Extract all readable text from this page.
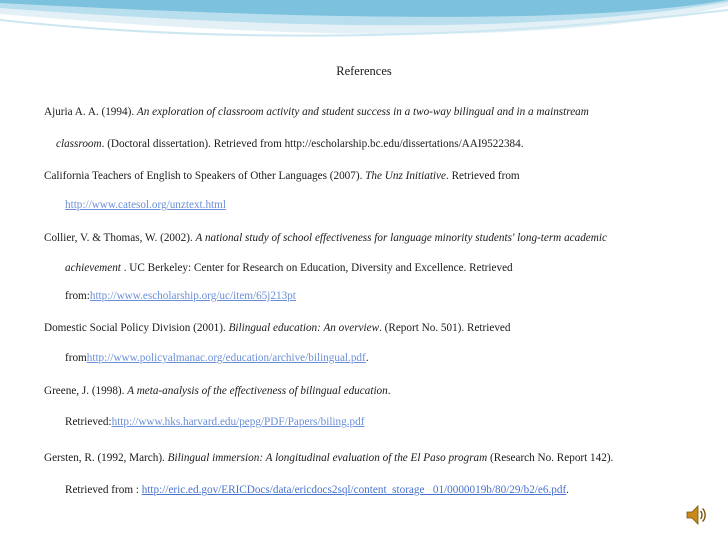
References
Ajuria A. A. (1994). An exploration of classroom activity and student success in a two-way bilingual and in a mainstream
classroom. (Doctoral dissertation). Retrieved from http://escholarship.bc.edu/dissertations/AAI9522384.
California Teachers of English to Speakers of Other Languages (2007). The Unz Initiative. Retrieved from
http://www.catesol.org/unztext.html
Collier, V. & Thomas, W. (2002). A national study of school effectiveness for language minority students' long-term academic
achievement . UC Berkeley: Center for Research on Education, Diversity and Excellence. Retrieved
from:http://www.escholarship.org/uc/item/65j213pt
Domestic Social Policy Division (2001). Bilingual education: An overview. (Report No. 501). Retrieved
fromhttp://www.policyalmanac.org/education/archive/bilingual.pdf.
Greene, J. (1998). A meta-analysis of the effectiveness of bilingual education.
Retrieved:http://www.hks.harvard.edu/pepg/PDF/Papers/biling.pdf
Gersten, R. (1992, March). Bilingual immersion: A longitudinal evaluation of the El Paso program (Research No. Report 142).
Retrieved from : http://eric.ed.gov/ERICDocs/data/ericdocs2sql/content_storage _01/0000019b/80/29/b2/e6.pdf.
